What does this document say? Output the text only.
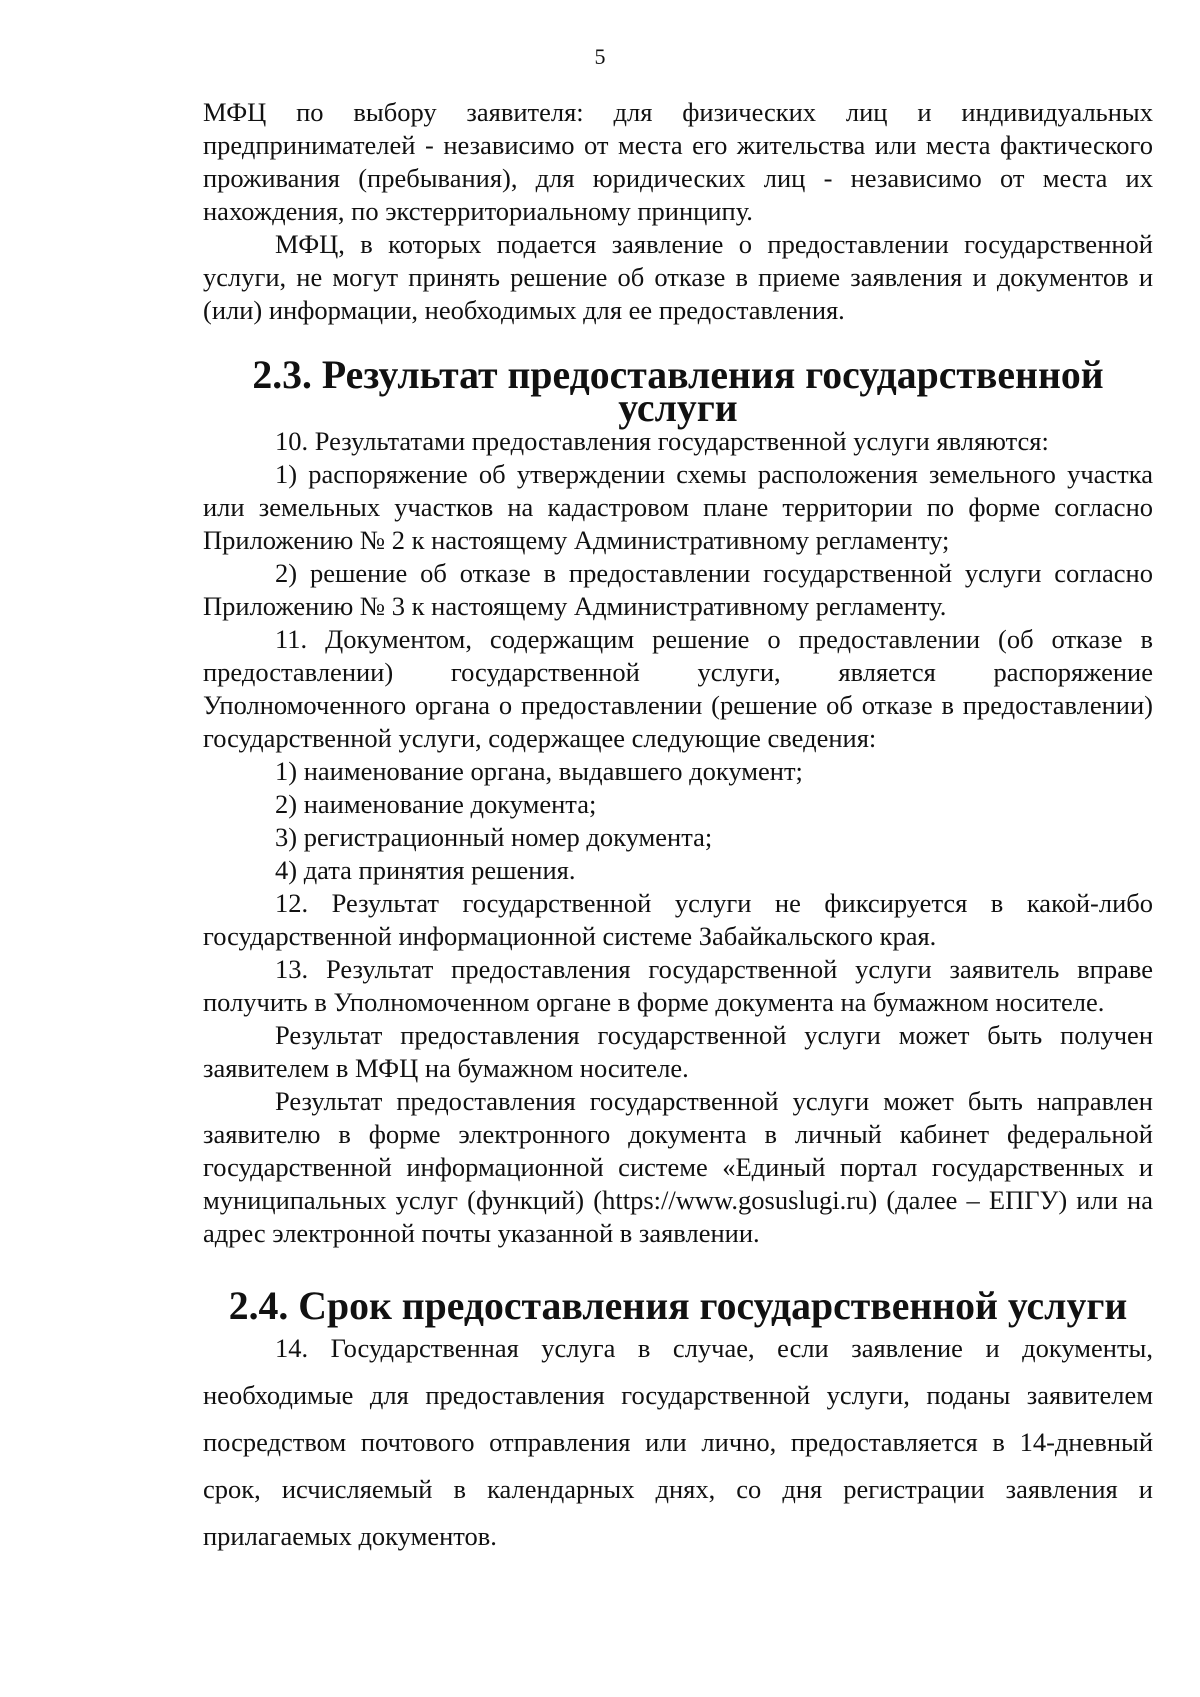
5

МФЦ по выбору заявителя: для физических лиц и индивидуальных предпринимателей - независимо от места его жительства или места фактического проживания (пребывания), для юридических лиц - независимо от места их нахождения, по экстерриториальному принципу.

МФЦ, в которых подается заявление о предоставлении государственной услуги, не могут принять решение об отказе в приеме заявления и документов и (или) информации, необходимых для ее предоставления.

2.3. Результат предоставления государственной услуги

10. Результатами предоставления государственной услуги являются:

1) распоряжение об утверждении схемы расположения земельного участка или земельных участков на кадастровом плане территории по форме согласно Приложению № 2 к настоящему Административному регламенту;

2) решение об отказе в предоставлении государственной услуги согласно Приложению № 3 к настоящему Административному регламенту.

11. Документом, содержащим решение о предоставлении (об отказе в предоставлении) государственной услуги, является распоряжение Уполномоченного органа о предоставлении (решение об отказе в предоставлении) государственной услуги, содержащее следующие сведения:

1) наименование органа, выдавшего документ;

2) наименование документа;

3) регистрационный номер документа;

4) дата принятия решения.

12. Результат государственной услуги не фиксируется в какой-либо государственной информационной системе Забайкальского края.

13. Результат предоставления государственной услуги заявитель вправе получить в Уполномоченном органе в форме документа на бумажном носителе.

Результат предоставления государственной услуги может быть получен заявителем в МФЦ на бумажном носителе.

Результат предоставления государственной услуги может быть направлен заявителю в форме электронного документа в личный кабинет федеральной государственной информационной системе «Единый портал государственных и муниципальных услуг (функций) (https://www.gosuslugi.ru) (далее – ЕПГУ) или на адрес электронной почты указанной в заявлении.

2.4. Срок предоставления государственной услуги

14. Государственная услуга в случае, если заявление и документы, необходимые для предоставления государственной услуги, поданы заявителем посредством почтового отправления или лично, предоставляется в 14-дневный срок, исчисляемый в календарных днях, со дня регистрации заявления и прилагаемых документов.
